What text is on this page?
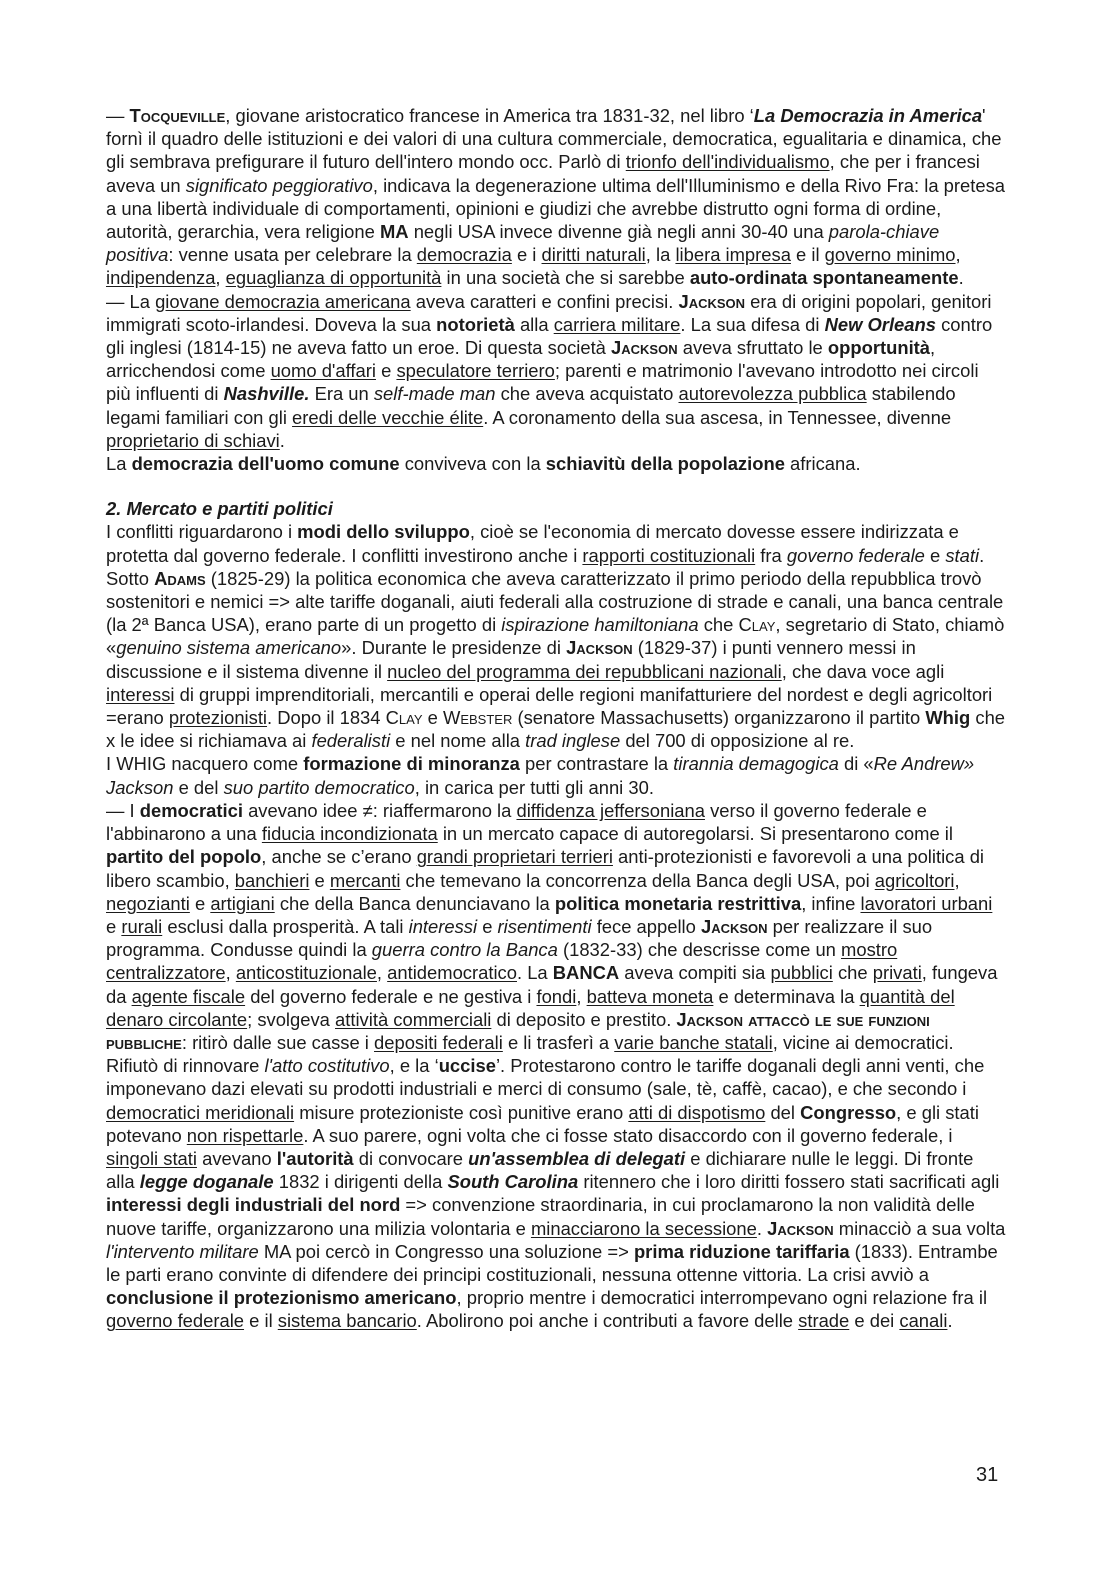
— Tocqueville, giovane aristocratico francese in America tra 1831-32, nel libro ‘La Democrazia in America' fornì il quadro delle istituzioni e dei valori di una cultura commerciale, democratica, egualitaria e dinamica, che gli sembrava prefigurare il futuro dell'intero mondo occ. Parlò di trionfo dell'individualismo, che per i francesi aveva un significato peggiorativo, indicava la degenerazione ultima dell'Illuminismo e della Rivo Fra: la pretesa a una libertà individuale di comportamenti, opinioni e giudizi che avrebbe distrutto ogni forma di ordine, autorità, gerarchia, vera religione MA negli USA invece divenne già negli anni 30-40 una parola-chiave positiva: venne usata per celebrare la democrazia e i diritti naturali, la libera impresa e il governo minimo, indipendenza, eguaglianza di opportunità in una società che si sarebbe auto-ordinata spontaneamente.

— La giovane democrazia americana aveva caratteri e confini precisi. Jackson era di origini popolari, genitori immigrati scoto-irlandesi. Doveva la sua notorietà alla carriera militare. La sua difesa di New Orleans contro gli inglesi (1814-15) ne aveva fatto un eroe. Di questa società Jackson aveva sfruttato le opportunità, arricchendosi come uomo d'affari e speculatore terriero; parenti e matrimonio l'avevano introdotto nei circoli più influenti di Nashville. Era un self-made man che aveva acquistato autorevolezza pubblica stabilendo legami familiari con gli eredi delle vecchie élite. A coronamento della sua ascesa, in Tennessee, divenne proprietario di schiavi.

La democrazia dell'uomo comune conviveva con la schiavitù della popolazione africana.

2. Mercato e partiti politici

I conflitti riguardarono i modi dello sviluppo, cioè se l'economia di mercato dovesse essere indirizzata e protetta dal governo federale. I conflitti investirono anche i rapporti costituzionali fra governo federale e stati. Sotto Adams (1825-29) la politica economica che aveva caratterizzato il primo periodo della repubblica trovò sostenitori e nemici => alte tariffe doganali, aiuti federali alla costruzione di strade e canali, una banca centrale (la 2ª Banca USA), erano parte di un progetto di ispirazione hamiltoniana che Clay, segretario di Stato, chiamò «genuino sistema americano». Durante le presidenze di Jackson (1829-37) i punti vennero messi in discussione e il sistema divenne il nucleo del programma dei repubblicani nazionali, che dava voce agli interessi di gruppi imprenditoriali, mercantili e operai delle regioni manifatturiere del nordest e degli agricoltori =erano protezionisti. Dopo il 1834 Clay e Webster (senatore Massachusetts) organizzarono il partito Whig che x le idee si richiamava ai federalisti e nel nome alla trad inglese del 700 di opposizione al re.

I WHIG nacquero come formazione di minoranza per contrastare la tirannia demagogica di «Re Andrew» Jackson e del suo partito democratico, in carica per tutti gli anni 30.

— I democratici avevano idee ≠: riaffermarono la diffidenza jeffersoniana verso il governo federale e l'abbinarono a una fiducia incondizionata in un mercato capace di autoregolarsi. Si presentarono come il partito del popolo, anche se c’erano grandi proprietari terrieri anti-protezionisti e favorevoli a una politica di libero scambio, banchieri e mercanti che temevano la concorrenza della Banca degli USA, poi agricoltori, negozianti e artigiani che della Banca denunciavano la politica monetaria restrittiva, infine lavoratori urbani e rurali esclusi dalla prosperità. A tali interessi e risentimenti fece appello Jackson per realizzare il suo programma. Condusse quindi la guerra contro la Banca (1832-33) che descrisse come un mostro centralizzatore, anticostituzionale, antidemocratico. La BANCA aveva compiti sia pubblici che privati, fungeva da agente fiscale del governo federale e ne gestiva i fondi, batteva moneta e determinava la quantità del denaro circolante; svolgeva attività commerciali di deposito e prestito. Jackson attaccò le sue funzioni pubbliche: ritirò dalle sue casse i depositi federali e li trasferì a varie banche statali, vicine ai democratici. Rifiutò di rinnovare l'atto costitutivo, e la ‘uccise’. Protestarono contro le tariffe doganali degli anni venti, che imponevano dazi elevati su prodotti industriali e merci di consumo (sale, tè, caffè, cacao), e che secondo i democratici meridionali misure protezioniste così punitive erano atti di dispotismo del Congresso, e gli stati potevano non rispettarle. A suo parere, ogni volta che ci fosse stato disaccordo con il governo federale, i singoli stati avevano l'autorità di convocare un'assemblea di delegati e dichiarare nulle le leggi. Di fronte alla legge doganale 1832 i dirigenti della South Carolina ritennero che i loro diritti fossero stati sacrificati agli interessi degli industriali del nord => convenzione straordinaria, in cui proclamarono la non validità delle nuove tariffe, organizzarono una milizia volontaria e minacciarono la secessione. Jackson minacciò a sua volta l'intervento militare MA poi cercò in Congresso una soluzione => prima riduzione tariffaria (1833). Entrambe le parti erano convinte di difendere dei principi costituzionali, nessuna ottenne vittoria. La crisi avviò a conclusione il protezionismo americano, proprio mentre i democratici interrompevano ogni relazione fra il governo federale e il sistema bancario. Abolirono poi anche i contributi a favore delle strade e dei canali.

31
